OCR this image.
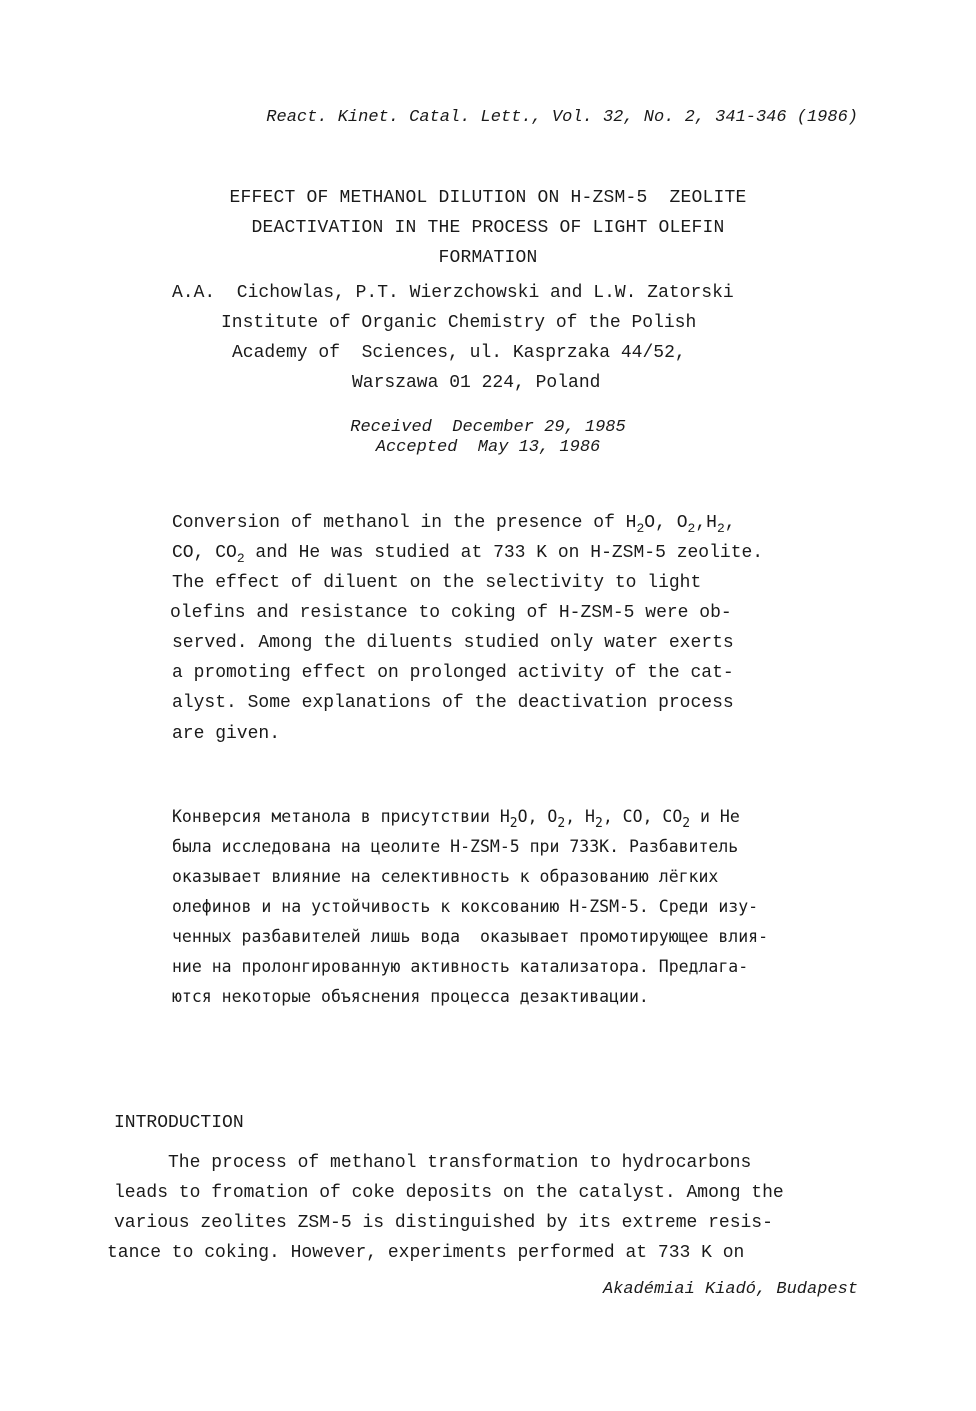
React. Kinet. Catal. Lett., Vol. 32, No. 2, 341-346 (1986)
EFFECT OF METHANOL DILUTION ON H-ZSM-5  ZEOLITE
DEACTIVATION IN THE PROCESS OF LIGHT OLEFIN
FORMATION
A.A.  Cichowlas, P.T. Wierzchowski and L.W. Zatorski
Institute of Organic Chemistry of the Polish
Academy of  Sciences, ul. Kasprzaka 44/52,
Warszawa 01 224, Poland
Received  December 29, 1985
Accepted  May 13, 1986
Conversion of methanol in the presence of $H_2O$, $O_2,H_2$,
CO, $CO_2$ and He was studied at 733 K on H-ZSM-5 zeolite.
The effect of diluent on the selectivity to light
olefins and resistance to coking of H-ZSM-5 were ob-
served. Among the diluents studied only water exerts
a promoting effect on prolonged activity of the cat-
alyst. Some explanations of the deactivation process
are given.
Конверсия метанола в присутствии $H_2O$, $O_2$, $H_2$, CO, $CO_2$ и He
была исследована на цеолите H-ZSM-5 при 733К. Разбавитель
оказывает влияние на селективность к образованию лёгких
олефинов и на устойчивость к коксованию H-ZSM-5. Среди изу-
ченных разбавителей лишь вода  оказывает промотирующее влия-
ние на пролонгированную активность катализатора. Предлага-
ются некоторые объяснения процесса дезактивации.
INTRODUCTION
The process of methanol transformation to hydrocarbons
leads to fromation of coke deposits on the catalyst. Among the
various zeolites ZSM-5 is distinguished by its extreme resis-
tance to coking. However, experiments performed at 733 K on
Akadémiai Kiadó, Budapest
